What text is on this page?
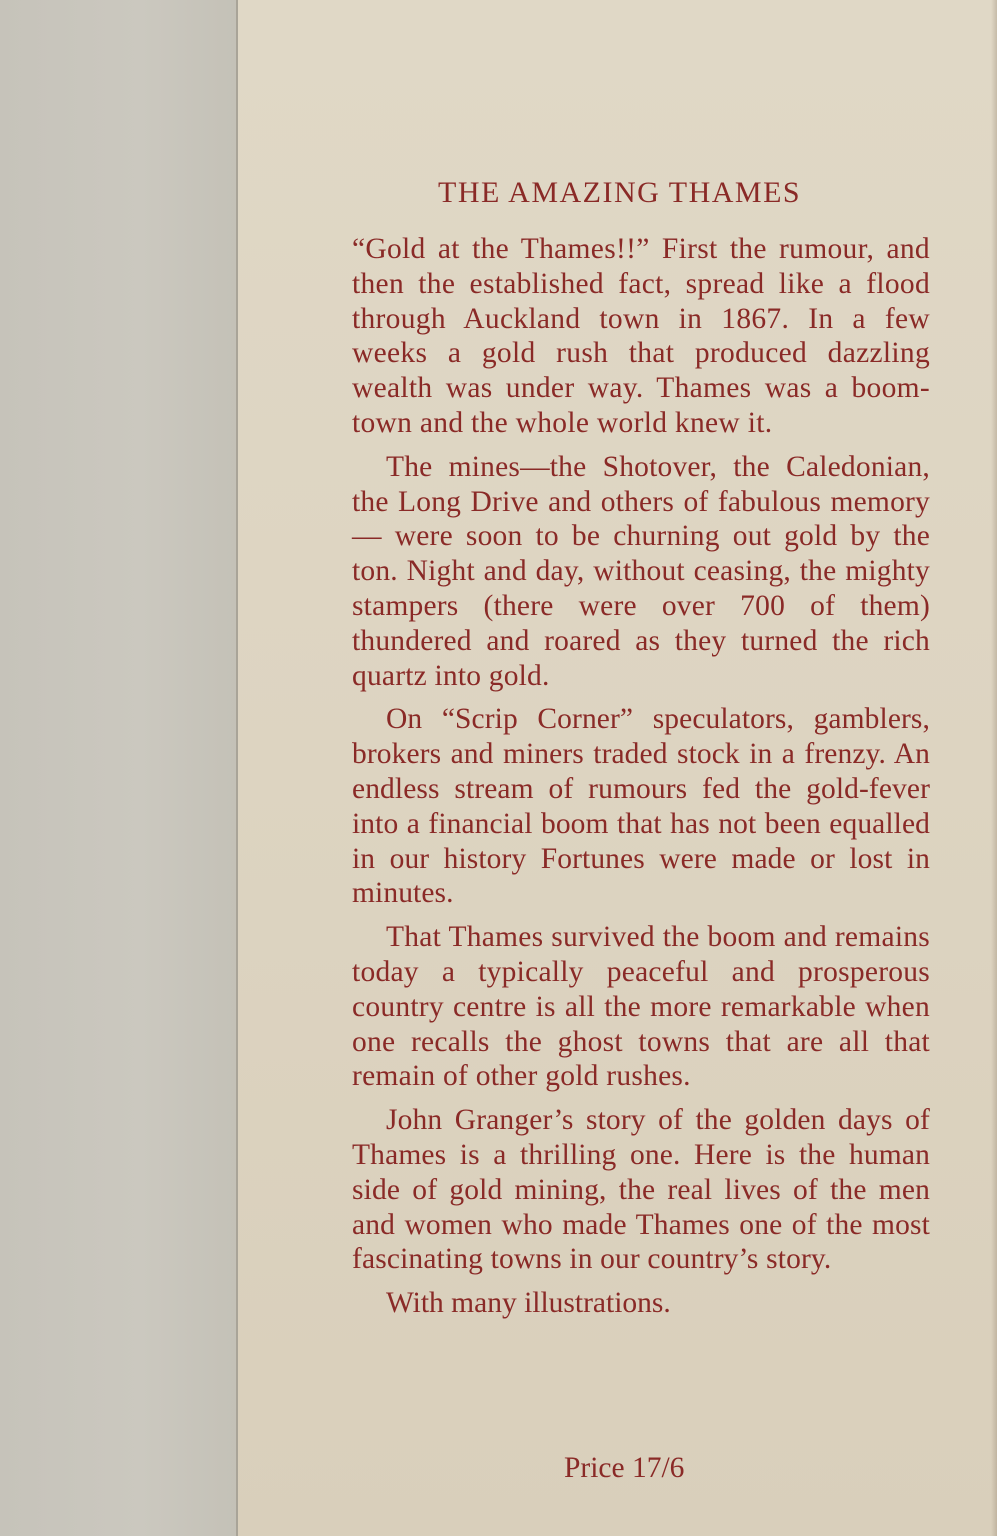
THE AMAZING THAMES

“Gold at the Thames!!” First the rumour, and then the established fact, spread like a flood through Auckland town in 1867. In a few weeks a gold rush that produced dazzling wealth was under way. Thames was a boom-town and the whole world knew it.

The mines—the Shotover, the Caledonian, the Long Drive and others of fabulous memory — were soon to be churning out gold by the ton. Night and day, without ceasing, the mighty stampers (there were over 700 of them) thundered and roared as they turned the rich quartz into gold.

On “Scrip Corner” speculators, gamblers, brokers and miners traded stock in a frenzy. An endless stream of rumours fed the gold-fever into a financial boom that has not been equalled in our history Fortunes were made or lost in minutes.

That Thames survived the boom and remains today a typically peaceful and prosperous country centre is all the more remarkable when one recalls the ghost towns that are all that remain of other gold rushes.

John Granger’s story of the golden days of Thames is a thrilling one. Here is the human side of gold mining, the real lives of the men and women who made Thames one of the most fascinating towns in our country’s story.

With many illustrations.

Price 17/6
